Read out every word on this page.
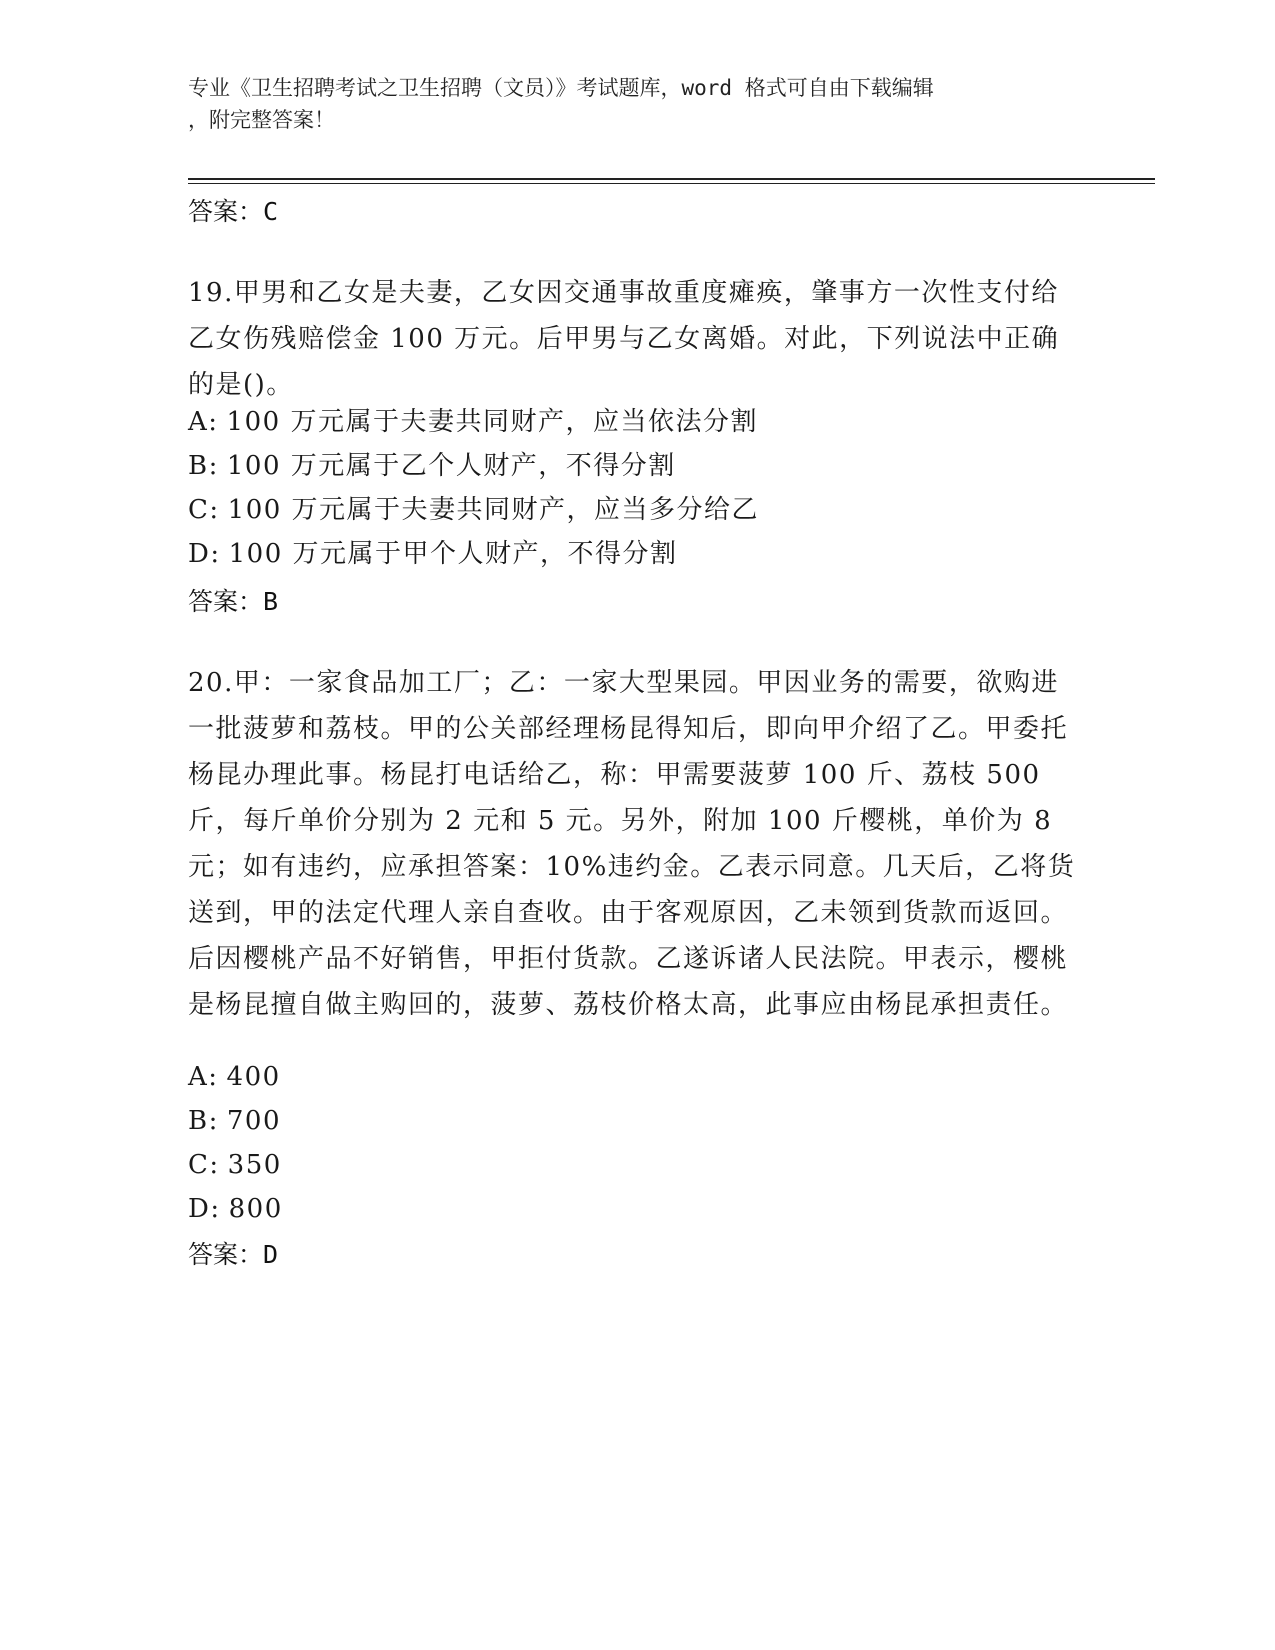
专业《卫生招聘考试之卫生招聘（文员）》考试题库，word 格式可自由下载编辑
，附完整答案！
答案：C
19.甲男和乙女是夫妻，乙女因交通事故重度瘫痪，肇事方一次性支付给乙女伤残赔偿金 100 万元。后甲男与乙女离婚。对此，下列说法中正确的是()。
A: 100 万元属于夫妻共同财产，应当依法分割
B: 100 万元属于乙个人财产，不得分割
C: 100 万元属于夫妻共同财产，应当多分给乙
D: 100 万元属于甲个人财产，不得分割
答案：B
20.甲：一家食品加工厂；乙：一家大型果园。甲因业务的需要，欲购进一批菠萝和荔枝。甲的公关部经理杨昆得知后，即向甲介绍了乙。甲委托杨昆办理此事。杨昆打电话给乙，称：甲需要菠萝 100 斤、荔枝 500 斤，每斤单价分别为 2 元和 5 元。另外，附加 100 斤樱桃，单价为 8 元；如有违约，应承担答案：10%违约金。乙表示同意。几天后，乙将货送到，甲的法定代理人亲自查收。由于客观原因，乙未领到货款而返回。后因樱桃产品不好销售，甲拒付货款。乙遂诉诸人民法院。甲表示，樱桃是杨昆擅自做主购回的，菠萝、荔枝价格太高，此事应由杨昆承担责任。
A: 400
B: 700
C: 350
D: 800
答案：D
